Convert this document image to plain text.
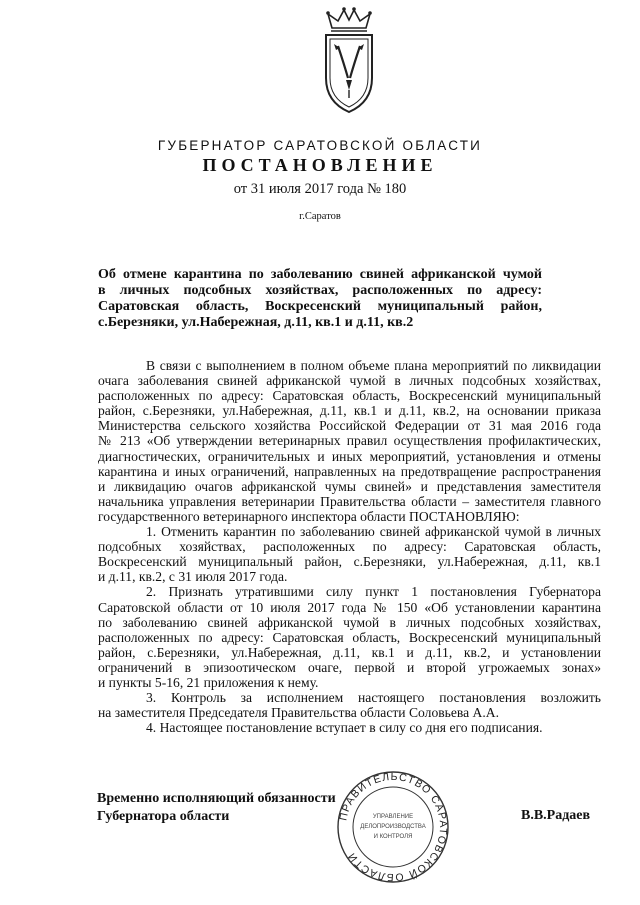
ГУБЕРНАТОР САРАТОВСКОЙ ОБЛАСТИ
ПОСТАНОВЛЕНИЕ
от 31 июля 2017 года № 180
г.Саратов
Об отмене карантина по заболеванию свиней африканской чумой
в личных подсобных хозяйствах, расположенных по адресу:
Саратовская область, Воскресенский муниципальный район,
с.Березняки, ул.Набережная, д.11, кв.1 и д.11, кв.2
В связи с выполнением в полном объеме плана мероприятий по ликвидации
очага заболевания свиней африканской чумой в личных подсобных хозяйствах,
расположенных по адресу: Саратовская область, Воскресенский муниципальный
район, с.Березняки, ул.Набережная, д.11, кв.1 и д.11, кв.2, на основании приказа
Министерства сельского хозяйства Российской Федерации от 31 мая 2016 года
№ 213 «Об утверждении ветеринарных правил осуществления профилактических,
диагностических, ограничительных и иных мероприятий, установления и отмены
карантина и иных ограничений, направленных на предотвращение распространения
и ликвидацию очагов африканской чумы свиней» и представления заместителя
начальника управления ветеринарии Правительства области – заместителя главного
государственного ветеринарного инспектора области ПОСТАНОВЛЯЮ:
1. Отменить карантин по заболеванию свиней африканской чумой в личных
подсобных хозяйствах, расположенных по адресу: Саратовская область,
Воскресенский муниципальный район, с.Березняки, ул.Набережная, д.11, кв.1
и д.11, кв.2, с 31 июля 2017 года.
2. Признать утратившими силу пункт 1 постановления Губернатора
Саратовской области от 10 июля 2017 года № 150 «Об установлении карантина
по заболеванию свиней африканской чумой в личных подсобных хозяйствах,
расположенных по адресу: Саратовская область, Воскресенский муниципальный
район, с.Березняки, ул.Набережная, д.11, кв.1 и д.11, кв.2, и установлении
ограничений в эпизоотическом очаге, первой и второй угрожаемых зонах»
и пункты 5-16, 21 приложения к нему.
3. Контроль за исполнением настоящего постановления возложить
на заместителя Председателя Правительства области Соловьева А.А.
4. Настоящее постановление вступает в силу со дня его подписания.
ПРАВИТЕЛЬСТВО САРАТОВСКОЙ ОБЛАСТИ
УПРАВЛЕНИЕ
ДЕЛОПРОИЗВОДСТВА
И КОНТРОЛЯ
Временно исполняющий обязанности
Губернатора области	В.В.Радаев
